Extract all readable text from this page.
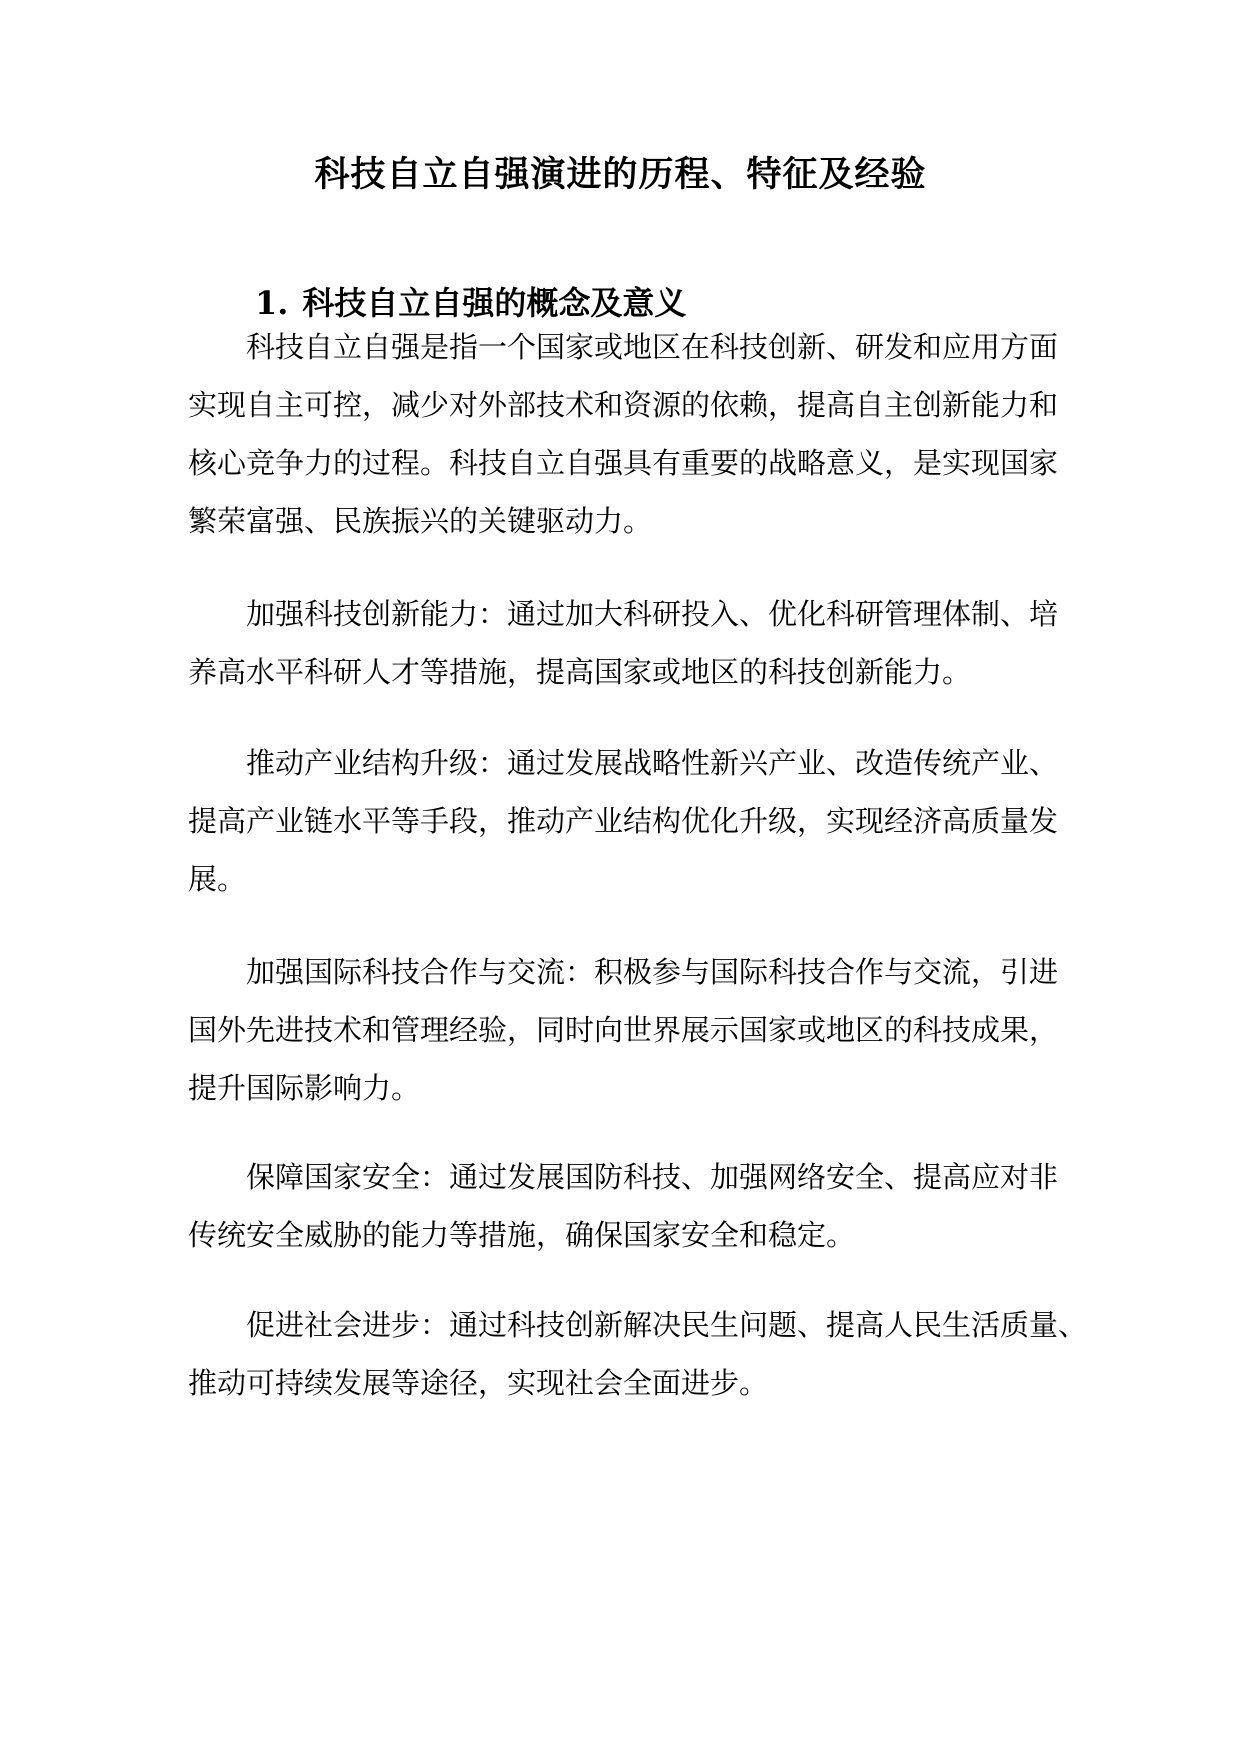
科技自立自强演进的历程、特征及经验
1. 科技自立自强的概念及意义
科技自立自强是指一个国家或地区在科技创新、研发和应用方面
实现自主可控，减少对外部技术和资源的依赖，提高自主创新能力和
核心竞争力的过程。科技自立自强具有重要的战略意义，是实现国家
繁荣富强、民族振兴的关键驱动力。
加强科技创新能力：通过加大科研投入、优化科研管理体制、培
养高水平科研人才等措施，提高国家或地区的科技创新能力。
推动产业结构升级：通过发展战略性新兴产业、改造传统产业、
提高产业链水平等手段，推动产业结构优化升级，实现经济高质量发
展。
加强国际科技合作与交流：积极参与国际科技合作与交流，引进
国外先进技术和管理经验，同时向世界展示国家或地区的科技成果，
提升国际影响力。
保障国家安全：通过发展国防科技、加强网络安全、提高应对非
传统安全威胁的能力等措施，确保国家安全和稳定。
促进社会进步：通过科技创新解决民生问题、提高人民生活质量、
推动可持续发展等途径，实现社会全面进步。
